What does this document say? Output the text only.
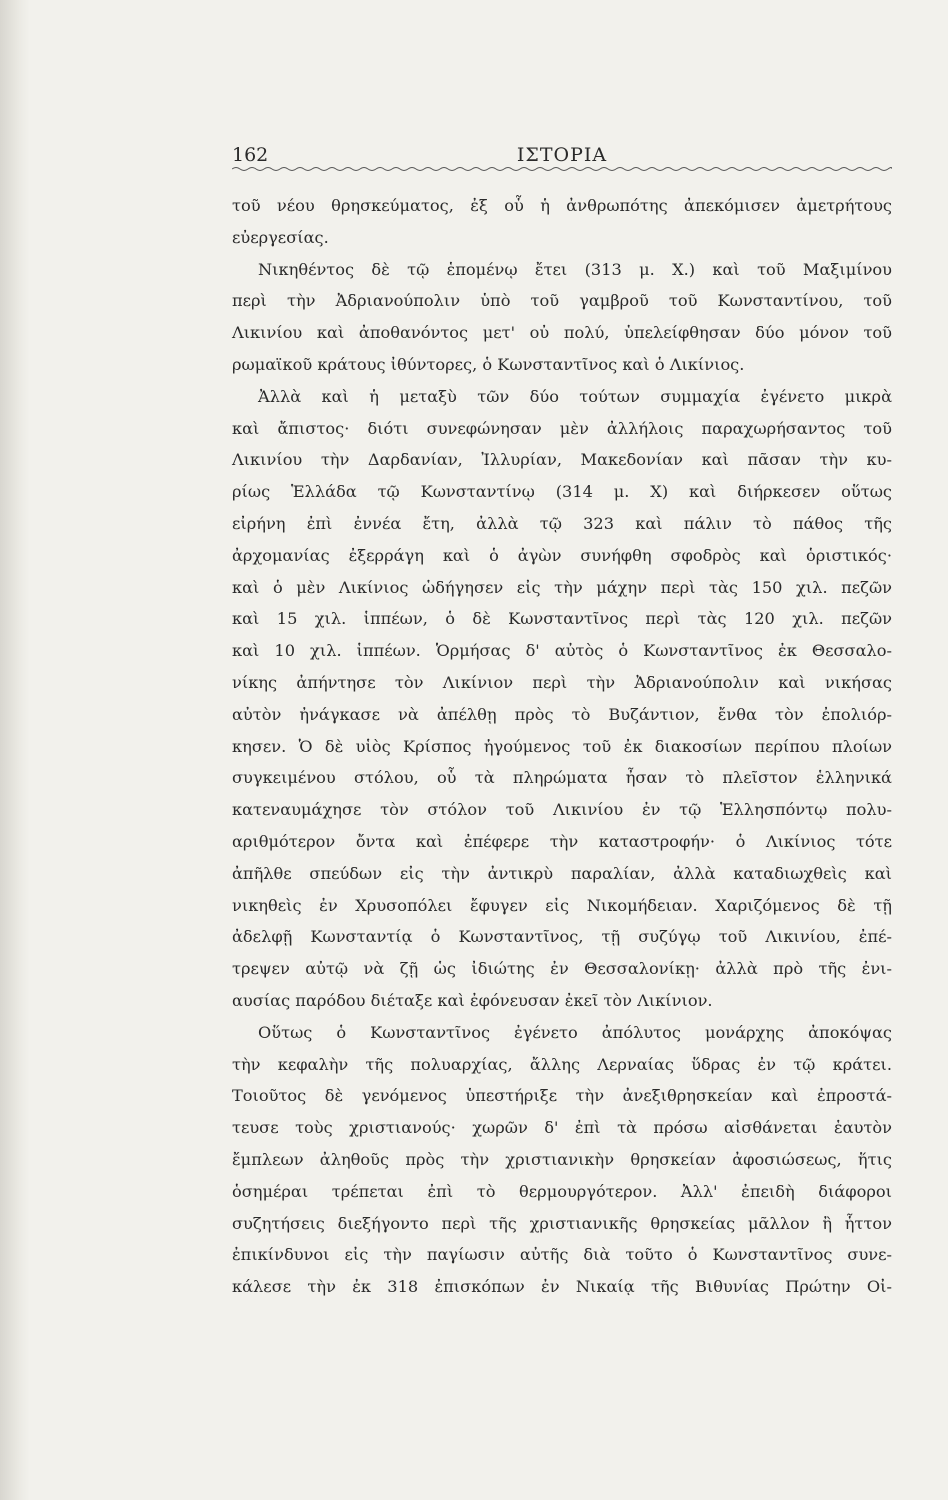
162	ΙΣΤΟΡΙΑ
τοῦ νέου θρησκεύματος, ἐξ οὗ ἡ ἀνθρωπότης ἀπεκόμισεν ἀμετρήτους
εὐεργεσίας.
Νικηθέντος δὲ τῷ ἑπομένῳ ἔτει (313 μ. Χ.) καὶ τοῦ Μαξιμίνου
περὶ τὴν Ἀδριανούπολιν ὑπὸ τοῦ γαμβροῦ τοῦ Κωνσταντίνου, τοῦ
Λικινίου καὶ ἀποθανόντος μετ' οὐ πολύ, ὑπελείφθησαν δύο μόνον τοῦ
ρωμαϊκοῦ κράτους ἰθύντορες, ὁ Κωνσταντῖνος καὶ ὁ Λικίνιος.
Ἀλλὰ καὶ ἡ μεταξὺ τῶν δύο τούτων συμμαχία ἐγένετο μικρὰ
καὶ ἄπιστος· διότι συνεφώνησαν μὲν ἀλλήλοις παραχωρήσαντος τοῦ
Λικινίου τὴν Δαρδανίαν, Ἰλλυρίαν, Μακεδονίαν καὶ πᾶσαν τὴν κυ-
ρίως Ἑλλάδα τῷ Κωνσταντίνῳ (314 μ. Χ) καὶ διήρκεσεν οὕτως
εἰρήνη ἐπὶ ἐννέα ἔτη, ἀλλὰ τῷ 323 καὶ πάλιν τὸ πάθος τῆς
ἀρχομανίας ἐξερράγη καὶ ὁ ἀγὼν συνήφθη σφοδρὸς καὶ ὁριστικός·
καὶ ὁ μὲν Λικίνιος ὡδήγησεν εἰς τὴν μάχην περὶ τὰς 150 χιλ. πεζῶν
καὶ 15 χιλ. ἱππέων, ὁ δὲ Κωνσταντῖνος περὶ τὰς 120 χιλ. πεζῶν
καὶ 10 χιλ. ἱππέων. Ὁρμήσας δ' αὐτὸς ὁ Κωνσταντῖνος ἐκ Θεσσαλο-
νίκης ἀπήντησε τὸν Λικίνιον περὶ τὴν Ἀδριανούπολιν καὶ νικήσας
αὐτὸν ἠνάγκασε νὰ ἀπέλθῃ πρὸς τὸ Βυζάντιον, ἔνθα τὸν ἐπολιόρ-
κησεν. Ὁ δὲ υἱὸς Κρίσπος ἡγούμενος τοῦ ἐκ διακοσίων περίπου πλοίων
συγκειμένου στόλου, οὗ τὰ πληρώματα ἦσαν τὸ πλεῖστον ἑλληνικά
κατεναυμάχησε τὸν στόλον τοῦ Λικινίου ἐν τῷ Ἑλλησπόντῳ πολυ-
αριθμότερον ὄντα καὶ ἐπέφερε τὴν καταστροφήν· ὁ Λικίνιος τότε
ἀπῆλθε σπεύδων εἰς τὴν ἀντικρὺ παραλίαν, ἀλλὰ καταδιωχθεὶς καὶ
νικηθεὶς ἐν Χρυσοπόλει ἔφυγεν εἰς Νικομήδειαν. Χαριζόμενος δὲ τῇ
ἀδελφῇ Κωνσταντίᾳ ὁ Κωνσταντῖνος, τῇ συζύγῳ τοῦ Λικινίου, ἐπέ-
τρεψεν αὐτῷ νὰ ζῇ ὡς ἰδιώτης ἐν Θεσσαλονίκῃ· ἀλλὰ πρὸ τῆς ἐνι-
αυσίας παρόδου διέταξε καὶ ἐφόνευσαν ἐκεῖ τὸν Λικίνιον.
Οὕτως ὁ Κωνσταντῖνος ἐγένετο ἀπόλυτος μονάρχης ἀποκόψας
τὴν κεφαλὴν τῆς πολυαρχίας, ἄλλης Λερναίας ὕδρας ἐν τῷ κράτει.
Τοιοῦτος δὲ γενόμενος ὑπεστήριξε τὴν ἀνεξιθρησκείαν καὶ ἐπροστά-
τευσε τοὺς χριστιανούς· χωρῶν δ' ἐπὶ τὰ πρόσω αἰσθάνεται ἑαυτὸν
ἔμπλεων ἀληθοῦς πρὸς τὴν χριστιανικὴν θρησκείαν ἀφοσιώσεως, ἥτις
ὁσημέραι τρέπεται ἐπὶ τὸ θερμουργότερον. Ἀλλ' ἐπειδὴ διάφοροι
συζητήσεις διεξήγοντο περὶ τῆς χριστιανικῆς θρησκείας μᾶλλον ἢ ἧττον
ἐπικίνδυνοι εἰς τὴν παγίωσιν αὐτῆς διὰ τοῦτο ὁ Κωνσταντῖνος συνε-
κάλεσε τὴν ἐκ 318 ἐπισκόπων ἐν Νικαίᾳ τῆς Βιθυνίας Πρώτην Οἰ-
